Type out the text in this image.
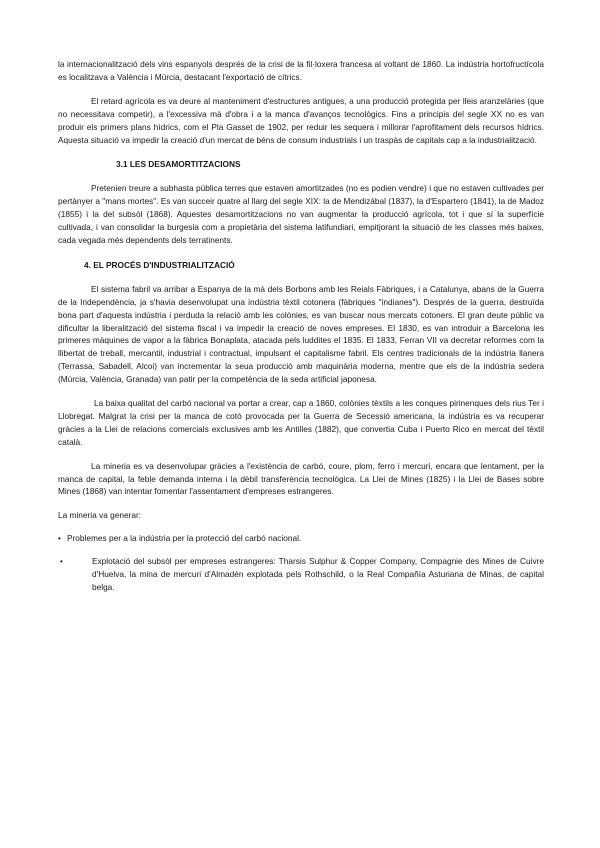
la internacionalització dels vins espanyols després de la crisi de la fil·loxera francesa al voltant de 1860. La indústria hortofructícola es localitzava a València i Múrcia, destacant l'exportació de cítrics.

El retard agrícola es va deure al manteniment d'estructures antigues, a una producció protegida per lleis aranzelàries (que no necessitava competir), a l'excessiva mà d'obra i a la manca d'avanços tecnològics. Fins a principis del segle XX no es van produir els primers plans hídrics, com el Pla Gasset de 1902, per reduir les sequera i millorar l'aprofitament dels recursos hídrics. Aquesta situació va impedir la creació d'un mercat de béns de consum industrials i un traspàs de capitals cap a la industrialització.

3.1 LES DESAMORTITZACIONS

Pretenien treure a subhasta pública terres que estaven amortitzades (no es podien vendre) i que no estaven cultivades per pertànyer a "mans mortes". Es van succeir quatre al llarg del segle XIX: la de Mendizábal (1837), la d'Espartero (1841), la de Madoz (1855) i la del subsòl (1868). Aquestes desamortitzacions no van augmentar la producció agrícola, tot i que sí la superfície cultivada, i van consolidar la burgesia com a propietària del sistema latifundiari, empitjorant la situació de les classes més baixes, cada vegada més dependents dels terratinents.

4. EL PROCÉS D'INDUSTRIALITZACIÓ

El sistema fabril va arribar a Espanya de la mà dels Borbons amb les Reials Fàbriques, i a Catalunya, abans de la Guerra de la Independència, ja s'havia desenvolupat una indústria tèxtil cotonera (fàbriques "indianes"). Després de la guerra, destruïda bona part d'aquesta indústria i perduda la relació amb les colònies, es van buscar nous mercats cotoners. El gran deute públic va dificultar la liberalització del sistema fiscal i va impedir la creació de noves empreses. El 1830, es van introduir a Barcelona les primeres màquines de vapor a la fàbrica Bonaplata, atacada pels luddites el 1835. El 1833, Ferran VII va decretar reformes com la llibertat de treball, mercantil, industrial i contractual, impulsant el capitalisme fabril. Els centres tradicionals de la indústria llanera (Terrassa, Sabadell, Alcoi) van incrementar la seua producció amb maquinària moderna, mentre que els de la indústria sedera (Múrcia, València, Granada) van patir per la competència de la seda artificial japonesa.

La baixa qualitat del carbó nacional va portar a crear, cap a 1860, colònies tèxtils a les conques pirinenques dels rius Ter i Llobregat. Malgrat la crisi per la manca de cotó provocada per la Guerra de Secessió americana, la indústria es va recuperar gràcies a la Llei de relacions comercials exclusives amb les Antilles (1882), que convertia Cuba i Puerto Rico en mercat del tèxtil català.

La mineria es va desenvolupar gràcies a l'existència de carbó, coure, plom, ferro i mercuri, encara que lentament, per la manca de capital, la feble demanda interna i la dèbil transferència tecnològica. La Llei de Mines (1825) i la Llei de Bases sobre Mines (1868) van intentar fomentar l'assentament d'empreses estrangeres.

La mineria va generar:

• Problemes per a la indústria per la protecció del carbó nacional.
•	Explotació del subsòl per empreses estrangeres: Tharsis Sulphur & Copper Company, Compagnie des Mines de Cuivre d'Huelva, la mina de mercuri d'Almadén explotada pels Rothschild, o la Real Compañía Asturiana de Minas, de capital belga.
